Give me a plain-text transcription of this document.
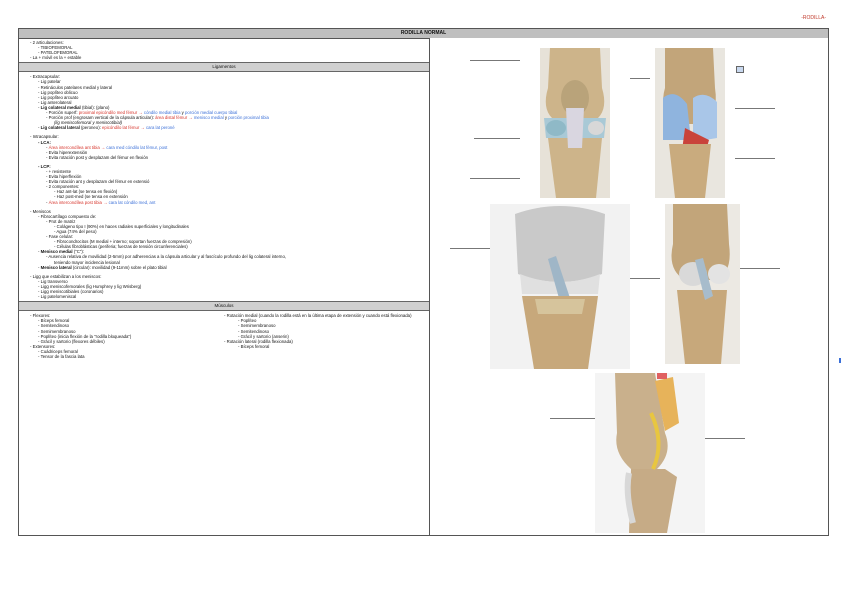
-RODILLA-
RODILLA NORMAL
- 2 articulaciones:
- TIBIOFEMORAL
- PATELOFEMORAL
- La + móvil es la + estable
Ligamentos
- Extracapsular:
- Lig patelar
- Retináculos patelares medial y lateral
- Lig poplíteo oblicuo
- Lig poplíteo arcuato
- Lig anterolateral
- Lig colateral medial (tibial): (plano)
- Porción superf: proximal epicóndilo med fémur → cóndilo medial tibia y porción medial cuerpo tibial
- Porción prof (engrosam vertical de la cápsula articular): área distal fémur → menisco medial y porción proximal tibia
(lig meniscofemoral y meniscotibial)
- Lig colateral lateral (peroneo): epicóndilo lat fémur → cara lat peroné
- Intracapsular:
- LCA:
- Área intercondílea ant tibia → cara med cóndilo lat fémur, post
- Evita hiperextensión
- Evita rotación post y desplazam del fémur en flexión
- LCP:
- + resistente
- Evita hiperflexión
- Evita rotación ant y desplazam del fémur en extensió
- 2 componentes:
- Haz ant-lat (se tensa en flexión)
- Haz post-med (se tensa en extensión
- Área intercondílea post tibia → cara lat cóndilo med, ant
- Meniscos
- Fibrocartílago compuesto de:
- Prot de matriz
- Colágeno tipo I (90%) en haces radiales superficiales y longitudinales
- Agua (74% del peso)
- Fase celular:
- Fibrocondrocitos (M medial + interno; soportan fuerzas de compresión)
- Células fibroblásticas (periferia; fuerzas de tensión circunferenciales)
- Menisco medial ("C"):
- Ausencia relativa de movilidad (2-5mm) por adherencias a la cápsula articular y al fascículo profundo del lig colateral interno,
teniendo mayor incidencia lesional
- Menisco lateral (circular): movilidad (9-11mm) sobre el plato tibial
- Ligg que estabilizan a los meniscos:
- Lig transverso
- Ligg meniscofemorales (lig Humphrey y lig Wrisberg)
- Ligg meniscotibiales (coronarios)
- Lig patelomeniscal
Músculos
- Flexores:
- Bíceps femoral
- Semitendinoso
- Semimembranoso
- Poplíteo (inicia flexión de la "rodilla bloqueada")
- Grácil y sartorio (flexores débiles)
- Extensores:
- Cuádriceps femoral
- Tensor de la fascia lata
- Rotación medial (cuando la rodilla está en la última etapa de extensión y cuando está flexionada)
- Poplíteo
- Semimembranoso
- Semitendinoso
- Grácil y sartorio (anserin)
- Rotación lateral (rodilla flexionada)
- Bíceps femoral
